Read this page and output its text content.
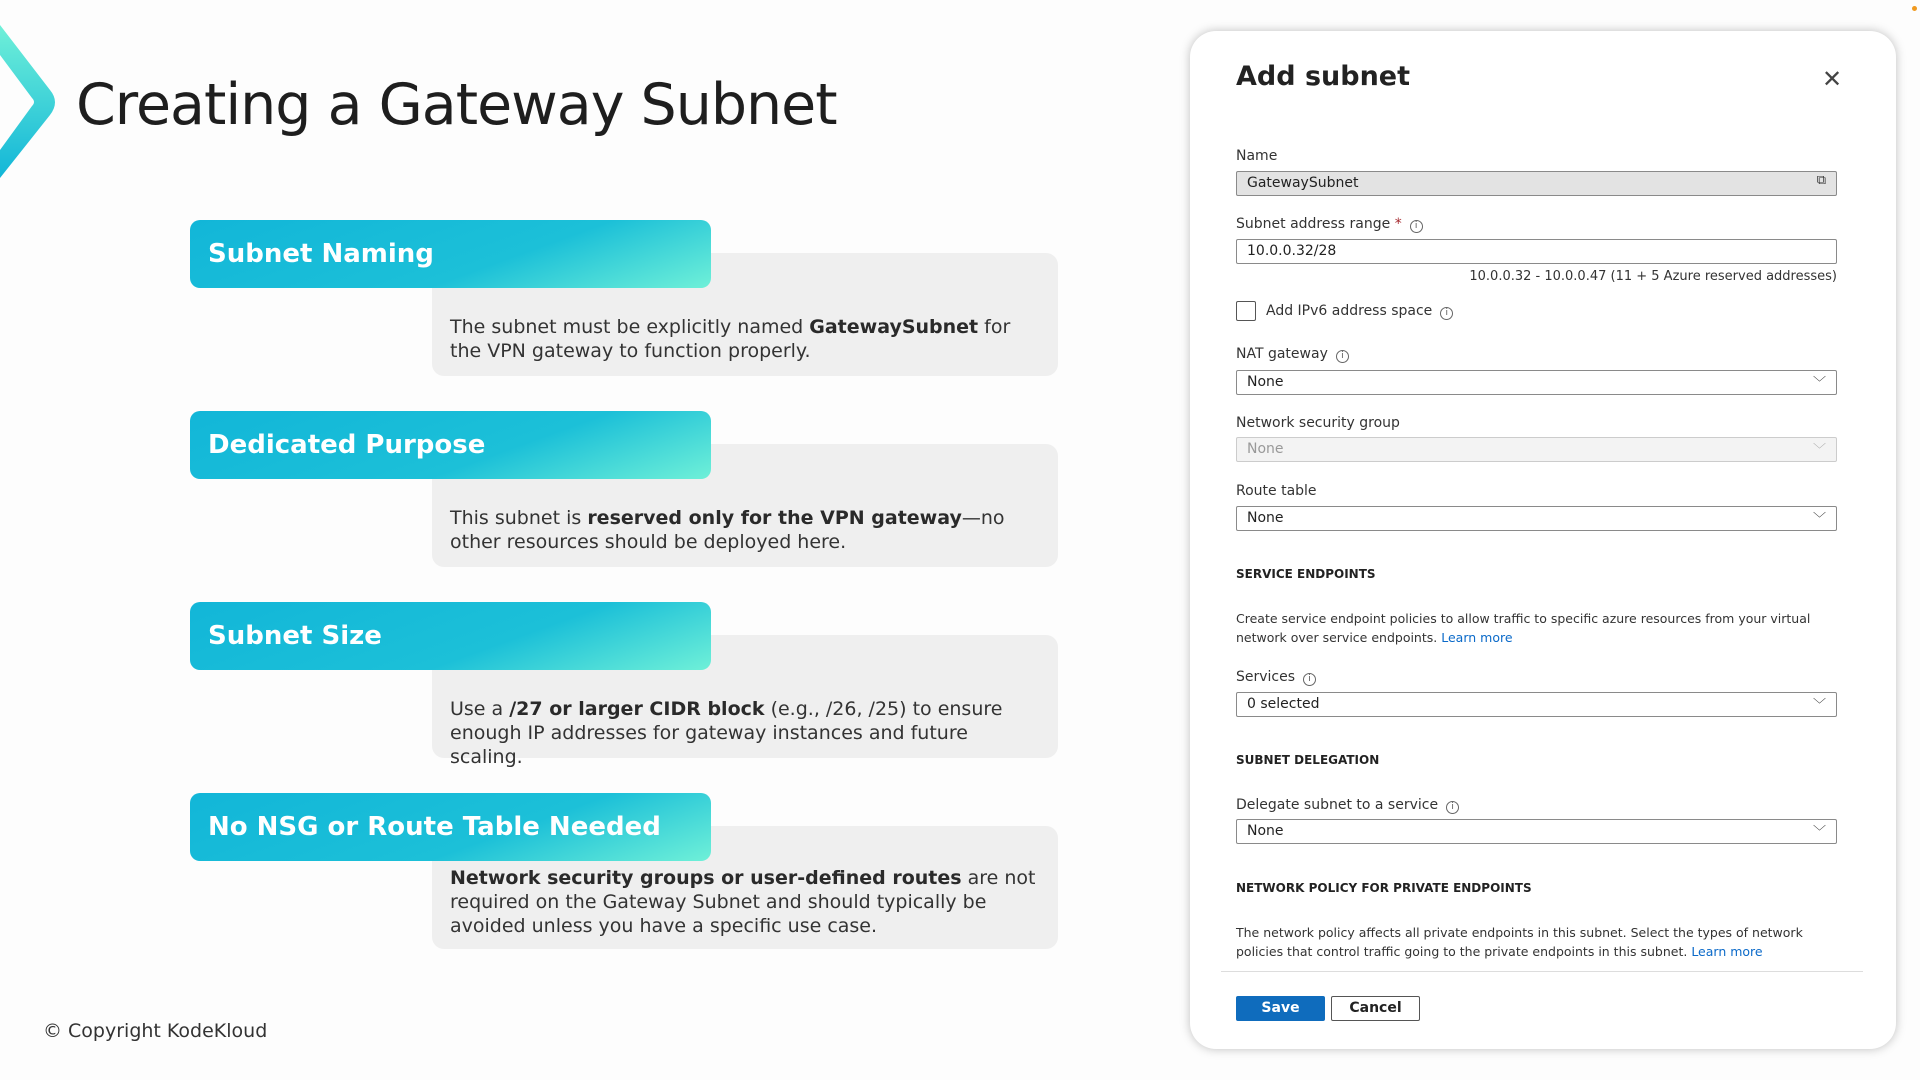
Creating a Gateway Subnet
The subnet must be explicitly named GatewaySubnet for the VPN gateway to function properly.
Subnet Naming
This subnet is reserved only for the VPN gateway—no other resources should be deployed here.
Dedicated Purpose
Use a /27 or larger CIDR block (e.g., /26, /25) to ensure enough IP addresses for gateway instances and future scaling.
Subnet Size
Network security groups or user-defined routes are not required on the Gateway Subnet and should typically be avoided unless you have a specific use case.
No NSG or Route Table Needed
© Copyright KodeKloud
Add subnet	✕
Name
GatewaySubnet	⧉
Subnet address range * i
10.0.0.32/28
10.0.0.32 - 10.0.0.47 (11 + 5 Azure reserved addresses)
Add IPv6 address space i
NAT gateway i
None	﹀
Network security group
None	﹀
Route table
None	﹀
SERVICE ENDPOINTS
Create service endpoint policies to allow traffic to specific azure resources from your virtual network over service endpoints. Learn more
Services i
0 selected	﹀
SUBNET DELEGATION
Delegate subnet to a service i
None	﹀
NETWORK POLICY FOR PRIVATE ENDPOINTS
The network policy affects all private endpoints in this subnet. Select the types of network policies that control traffic going to the private endpoints in this subnet. Learn more
Save	Cancel
